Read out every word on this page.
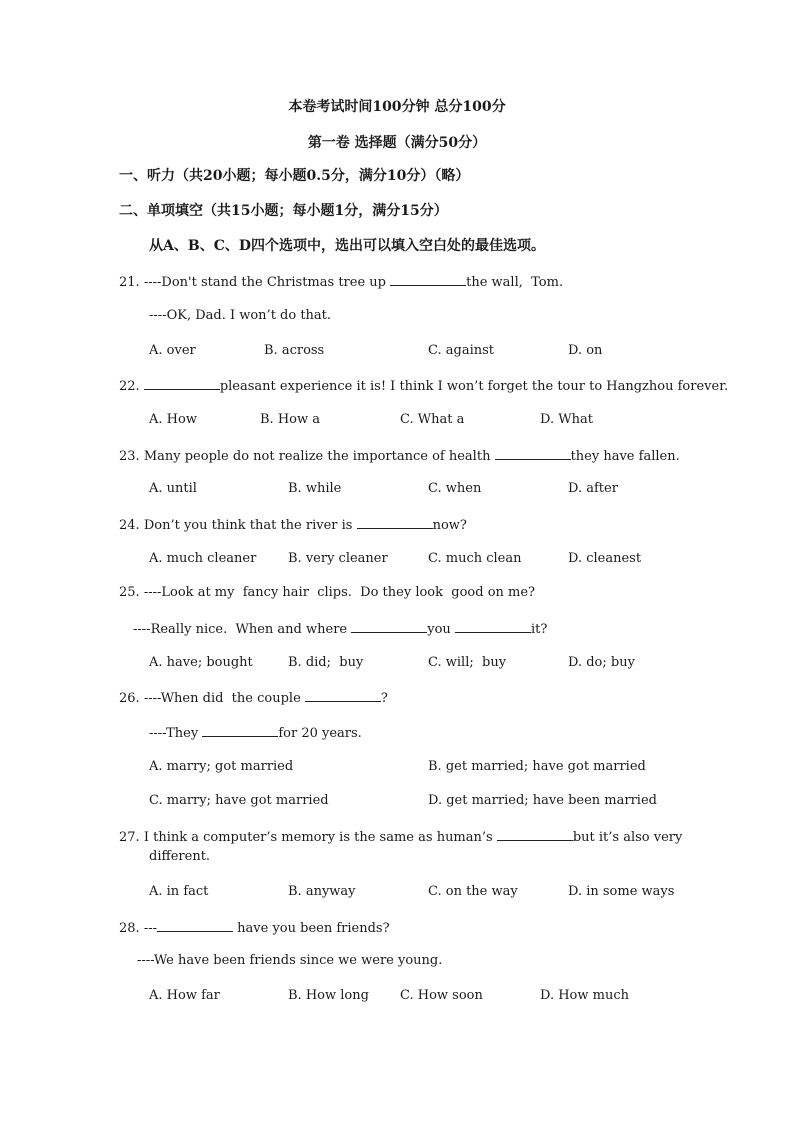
本卷考试时间100分钟 总分100分
第一卷 选择题（满分50分）
一、听力（共20小题；每小题0.5分，满分10分）（略）
二、单项填空（共15小题；每小题1分，满分15分）
从A、B、C、D四个选项中，选出可以填入空白处的最佳选项。
21. ----Don't stand the Christmas tree up	the wall,  Tom.
----OK, Dad. I won’t do that.
A. over	B. across	C. against	D. on
22.	pleasant experience it is! I think I won’t forget the tour to Hangzhou forever.
A. How	B. How a	C. What a	D. What
23. Many people do not realize the importance of health	they have fallen.
A. until	B. while	C. when	D. after
24. Don’t you think that the river is	now?
A. much cleaner B. very cleaner	C. much clean	D. cleanest
25. ----Look at my  fancy hair  clips.  Do they look  good on me?
----Really nice.  When and where	you	it?
A. have; bought	B. did;  buy	C. will;  buy	D. do; buy
26. ----When did  the couple	?
----They	for 20 years.
A. marry; got married	B. get married; have got married
C. marry; have got married	D. get married; have been married
27. I think a computer’s memory is the same as human’s	but it’s also very
different.
A. in fact	B. anyway	C. on the way	D. in some ways
28. ---	have you been friends?
----We have been friends since we were young.
A. How far	B. How long C. How soon	D. How much
